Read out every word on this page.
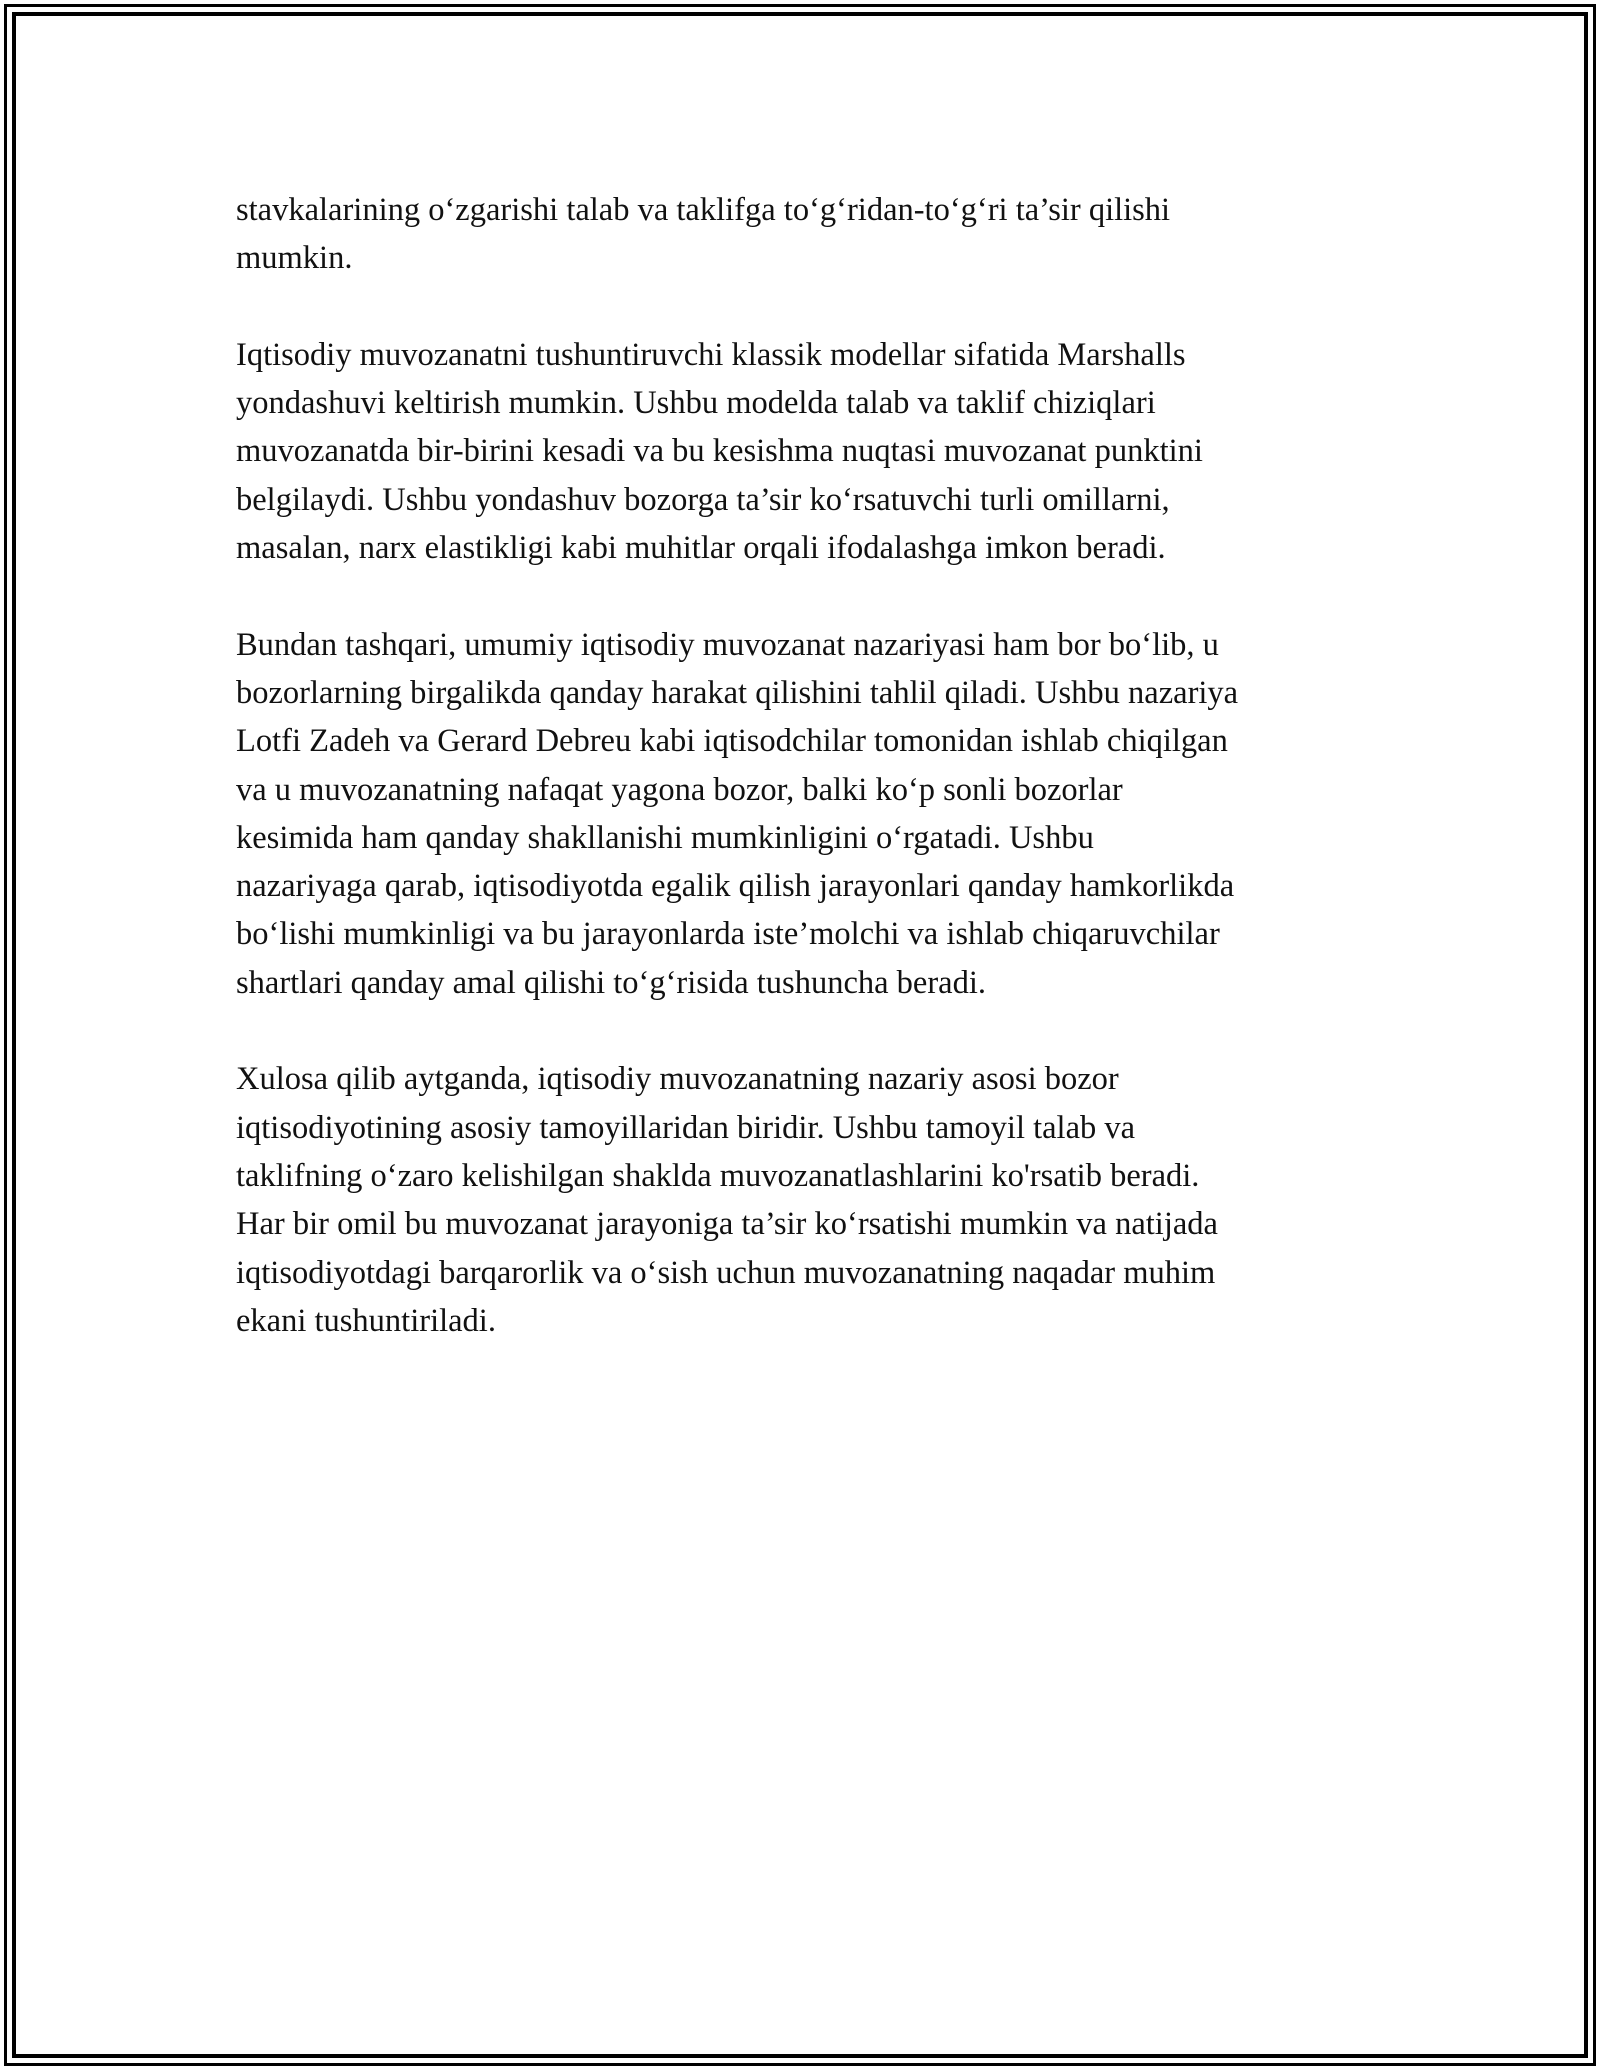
stavkalarining o‘zgarishi talab va taklifga to‘g‘ridan-to‘g‘ri ta’sir qilishi
mumkin.

Iqtisodiy muvozanatni tushuntiruvchi klassik modellar sifatida Marshalls
yondashuvi keltirish mumkin. Ushbu modelda talab va taklif chiziqlari
muvozanatda bir-birini kesadi va bu kesishma nuqtasi muvozanat punktini
belgilaydi. Ushbu yondashuv bozorga ta’sir ko‘rsatuvchi turli omillarni,
masalan, narx elastikligi kabi muhitlar orqali ifodalashga imkon beradi.

Bundan tashqari, umumiy iqtisodiy muvozanat nazariyasi ham bor bo‘lib, u
bozorlarning birgalikda qanday harakat qilishini tahlil qiladi. Ushbu nazariya
Lotfi Zadeh va Gerard Debreu kabi iqtisodchilar tomonidan ishlab chiqilgan
va u muvozanatning nafaqat yagona bozor, balki ko‘p sonli bozorlar
kesimida ham qanday shakllanishi mumkinligini o‘rgatadi. Ushbu
nazariyaga qarab, iqtisodiyotda egalik qilish jarayonlari qanday hamkorlikda
bo‘lishi mumkinligi va bu jarayonlarda iste’molchi va ishlab chiqaruvchilar
shartlari qanday amal qilishi to‘g‘risida tushuncha beradi.

Xulosa qilib aytganda, iqtisodiy muvozanatning nazariy asosi bozor
iqtisodiyotining asosiy tamoyillaridan biridir. Ushbu tamoyil talab va
taklifning o‘zaro kelishilgan shaklda muvozanatlashlarini ko'rsatib beradi.
Har bir omil bu muvozanat jarayoniga ta’sir ko‘rsatishi mumkin va natijada
iqtisodiyotdagi barqarorlik va o‘sish uchun muvozanatning naqadar muhim
ekani tushuntiriladi.
